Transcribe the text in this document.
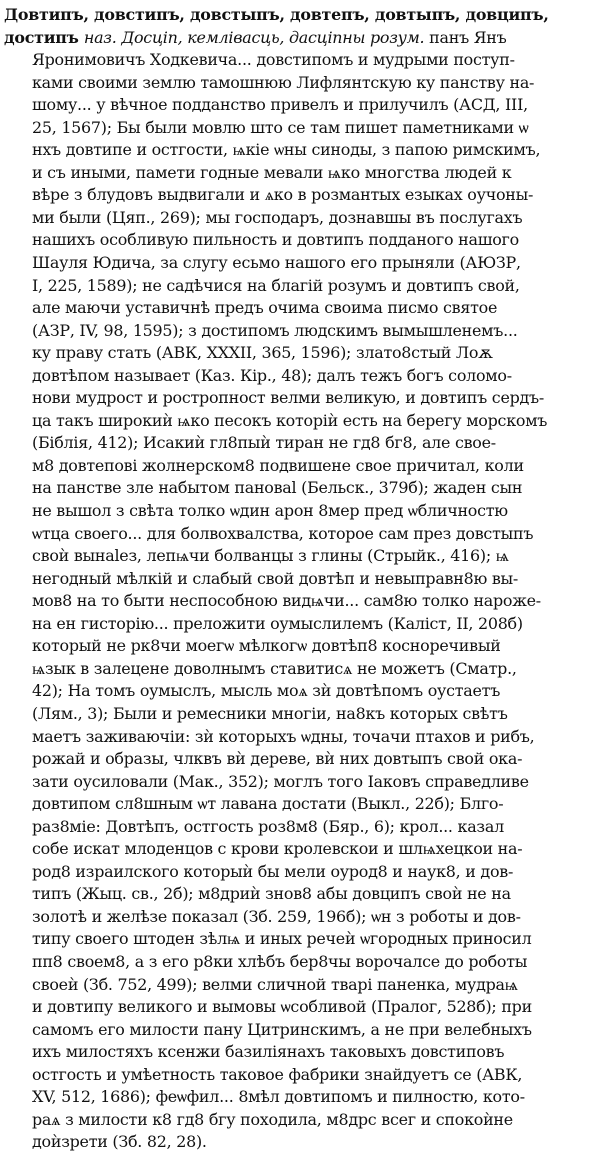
Довтипъ, довстипъ, довстыпъ, довтепъ, довтыпъ, довципъ,
достипъ наз. Досцiп, кемлiвасць, дасцiпны розум. панъ Янъ
Яронимовичъ Ходкевича... довстипомъ и мудрыми поступ-
ками своими землю тамошнюю Лифлянтскую ку панству на-
шому... у вѣчное подданство привелъ и прилучилъ (АСД, III,
25, 1567); Бы были мовлю што се там пишет паметниками ѡ
нхъ довтипе и остгости, ѩкiе ѡны синоды, з папою римскимъ,
и съ иными, памети годные мевали ѩко многства людей к
вѣре з блудовъ выдвигали и ѧко в розмантых езыках оучоны-
ми были (Цяп., 269); мы господаръ, дознавшы въ послугахъ
нашихъ особливую пильность и довтипъ подданого нашого
Шауля Юдича, за слугу есьмо нашого его прыняли (АЮЗР,
I, 225, 1589); не садѣчися на благiй розумъ и довтипъ свой,
але маючи уставичнѣ предъ очима своима писмо святое
(АЗР, IV, 98, 1595); з достипомъ людскимъ вымышленемъ...
ку праву стать (АВК, XXXII, 365, 1596); злато8стый Лоѫ
довтѣпом называет (Каз. Кiр., 48); далъ тежъ богъ соломо-
нови мудрост и ростропност велми великую, и довтипъ сердъ-
ца такъ широкиѝ ѩко песокъ которiѝ есть на берегу морскомъ
(Бiблiя, 412); Исакиѝ гл8пыѝ тиран не гд8 бг8, але свое-
м8 довтеповi жолнерском8 подвишене свое причитал, коли
на панстве зле набытом пановаl (Бельск., 379б); жаден сын
не вышол з свѣта толко ѡдин арон 8мер пред ѡбличностю
ѡтца своего... для болвохвалства, которое сам през довстыпъ
своѝ вынаlез, лепѩчи болванцы з глины (Стрыйк., 416); ѩ
негодный мѣлкiй и слабый свой довтѣп и невыправн8ю вы-
мов8 на то быти неспособною видѩчи... сам8ю толко нарожe-
на ен гисторiю... преложити оумыслилемъ (Калiст, II, 208б)
который не рк8чи моегѡ мѣлкогѡ довтѣп8 косноречивый
ѩзык в залецене доволнымъ ставитисѧ не можетъ (Сматр.,
42); На томъ оумыслъ, мысль моѧ зѝ довтѣпомъ оустаетъ
(Лям., 3); Были и ремесники многiи, на8къ которых свѣтъ
маетъ заживаючiи: зѝ которыхъ ѡдны, точачи птахов и рибъ,
рожай и образы, члквъ вѝ дереве, вѝ них довтыпъ свой ока-
зати оусиловали (Мак., 352); моглъ того Iаковъ справедливе
довтипом сл8шным ѡт лавана достати (Выкл., 22б); Блго-
раз8мiе: Довтѣпъ, остгость роз8м8 (Бяр., 6); крол... казал
собе искат млоденцов с крови кролевскои и шлѩхецкои на-
род8 израилского которыѝ бы мели оурод8 и наук8, и дов-
типъ (Жыц. св., 2б); м8дриѝ знов8 абы довципъ своѝ не на
золотѣ и желѣзе показал (Зб. 259, 196б); ѡн з роботы и дов-
типу своего штоден зѣлѩ и иных речеѝ ѡгородных приносил
пп8 своем8, а з его р8ки хлѣбъ бер8чы ворочалсе до роботы
своеѝ (Зб. 752, 499); велми сличной тварi паненка, мудраѩ
и довтипу великого и вымовы ѡсобливой (Пралог, 528б); при
самомъ его милости пану Цитринскимъ, а не при велебныхъ
ихъ милостяхъ ксенжи базилiянахъ таковыхъ довстиповъ
остгость и умѣетность таковое фабрики знайдуетъ се (АВК,
XV, 512, 1686); феѡфил... 8мѣл довтипомъ и пилностю, кото-
раѧ з милости к8 гд8 бгу походила, м8дрс всег и спокоѝне
доѝзрети (Зб. 82, 28).
